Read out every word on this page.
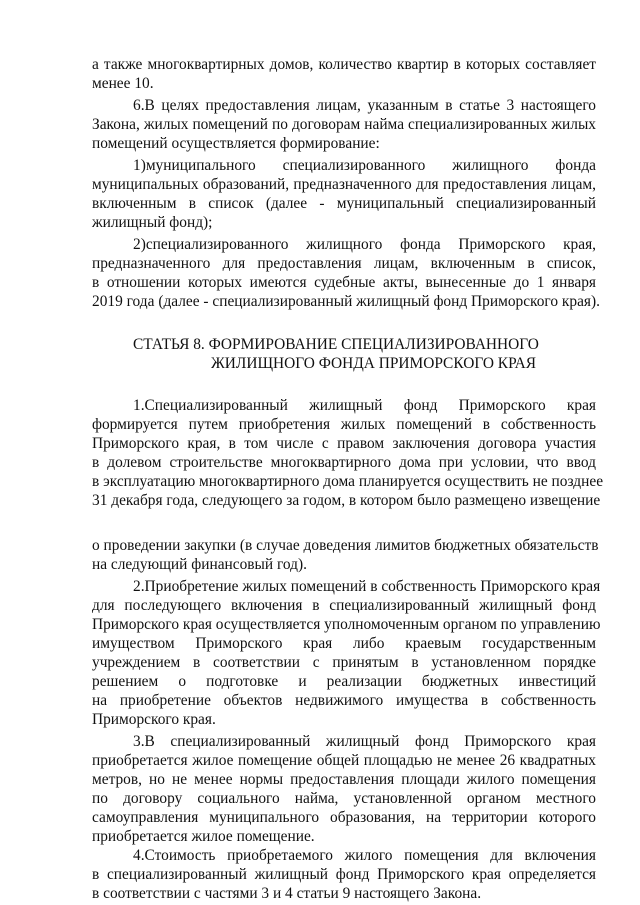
а также многоквартирных домов, количество квартир в которых составляет
менее 10.
6.В целях предоставления лицам, указанным в статье 3 настоящего
Закона, жилых помещений по договорам найма специализированных жилых
помещений осуществляется формирование:
1)муниципального специализированного жилищного фонда
муниципальных образований, предназначенного для предоставления лицам,
включенным в список (далее - муниципальный специализированный
жилищный фонд);
2)специализированного жилищного фонда Приморского края,
предназначенного для предоставления лицам, включенным в список,
в отношении которых имеются судебные акты, вынесенные до 1 января
2019 года (далее - специализированный жилищный фонд Приморского края).
СТАТЬЯ 8. ФОРМИРОВАНИЕ СПЕЦИАЛИЗИРОВАННОГО
ЖИЛИЩНОГО ФОНДА ПРИМОРСКОГО КРАЯ
1.Специализированный жилищный фонд Приморского края
формируется путем приобретения жилых помещений в собственность
Приморского края, в том числе с правом заключения договора участия
в долевом строительстве многоквартирного дома при условии, что ввод
в эксплуатацию многоквартирного дома планируется осуществить не позднее
31 декабря года, следующего за годом, в котором было размещено извещение
о проведении закупки (в случае доведения лимитов бюджетных обязательств
на следующий финансовый год).
2.Приобретение жилых помещений в собственность Приморского края
для последующего включения в специализированный жилищный фонд
Приморского края осуществляется уполномоченным органом по управлению
имуществом Приморского края либо краевым государственным
учреждением в соответствии с принятым в установленном порядке
решением о подготовке и реализации бюджетных инвестиций
на приобретение объектов недвижимого имущества в собственность
Приморского края.
3.В специализированный жилищный фонд Приморского края
приобретается жилое помещение общей площадью не менее 26 квадратных
метров, но не менее нормы предоставления площади жилого помещения
по договору социального найма, установленной органом местного
самоуправления муниципального образования, на территории которого
приобретается жилое помещение.
4.Стоимость приобретаемого жилого помещения для включения
в специализированный жилищный фонд Приморского края определяется
в соответствии с частями 3 и 4 статьи 9 настоящего Закона.
